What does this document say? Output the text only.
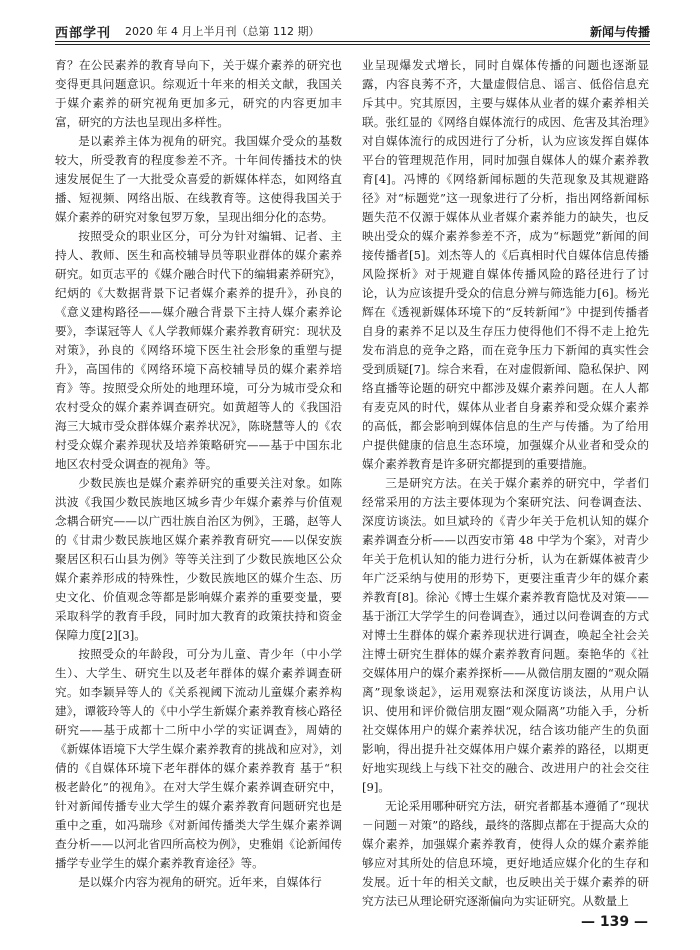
西部学刊 2020 年 4 月上半月刊（总第 112 期）	新闻与传播

育？在公民素养的教育导向下，关于媒介素养的研究也变得更具问题意识。综观近十年来的相关文献，我国关于媒介素养的研究视角更加多元，研究的内容更加丰富，研究的方法也呈现出多样性。

是以素养主体为视角的研究。我国媒介受众的基数较大，所受教育的程度参差不齐。十年间传播技术的快速发展促生了一大批受众喜爱的新媒体样态，如网络直播、短视频、网络出版、在线教育等。这使得我国关于媒介素养的研究对象包罗万象，呈现出细分化的态势。

按照受众的职业区分，可分为针对编辑、记者、主持人、教师、医生和高校辅导员等职业群体的媒介素养研究。如页志平的《媒介融合时代下的编辑素养研究》，纪炳的《大数据背景下记者媒介素养的提升》，孙良的《意义建构路径——媒介融合背景下主持人媒介素养论要》，李谋冠等人《人学教师媒介素养教育研究：现状及对策》，孙良的《网络环境下医生社会形象的重塑与提升》，高国伟的《网络环境下高校辅导员的媒介素养培育》等。按照受众所处的地理环境，可分为城市受众和农村受众的媒介素养调查研究。如黄超等人的《我国沿海三大城市受众群体媒介素养状况》，陈晓慧等人的《农村受众媒介素养现状及培养策略研究——基于中国东北地区农村受众调查的视角》等。

少数民族也是媒介素养研究的重要关注对象。如陈洪波《我国少数民族地区城乡青少年媒介素养与价值观念耦合研究——以广西壮族自治区为例》，王璐，赵等人的《甘肃少数民族地区媒介素养教育研究——以保安族聚居区积石山县为例》等等关注到了少数民族地区公众媒介素养形成的特殊性，少数民族地区的媒介生态、历史文化、价值观念等都是影响媒介素养的重要变量，要采取科学的教育手段，同时加大教育的政策扶持和资金保障力度[2][3]。

按照受众的年龄段，可分为儿童、青少年（中小学生）、大学生、研究生以及老年群体的媒介素养调查研究。如李颖异等人的《关系视阈下流动儿童媒介素养构建》，谭筱玲等人的《中小学生新媒介素养教育核心路径研究——基于成都十二所中小学的实证调查》，周婧的《新媒体语境下大学生媒介素养教育的挑战和应对》，刘倩的《自媒体环境下老年群体的媒介素养教育 基于“积极老龄化”的视角》。在对大学生媒介素养调查研究中，针对新闻传播专业大学生的媒介素养教育问题研究也是重中之重，如冯瑞珍《对新闻传播类大学生媒介素养调查分析——以河北省四所高校为例》，史雅娟《论新闻传播学专业学生的媒介素养教育途径》等。

是以媒介内容为视角的研究。近年来，自媒体行

业呈现爆发式增长，同时自媒体传播的问题也逐渐显露，内容良莠不齐，大量虚假信息、谣言、低俗信息充斥其中。究其原因，主要与媒体从业者的媒介素养相关联。张红显的《网络自媒体流行的成因、危害及其治理》对自媒体流行的成因进行了分析，认为应该发挥自媒体平台的管理规范作用，同时加强自媒体人的媒介素养教育[4]。冯博的《网络新闻标题的失范现象及其规避路径》对“标题党”这一现象进行了分析，指出网络新闻标题失范不仅源于媒体从业者媒介素养能力的缺失，也反映出受众的媒介素养参差不齐，成为“标题党”新闻的间接传播者[5]。刘杰等人的《后真相时代自媒体信息传播风险探析》对于规避自媒体传播风险的路径进行了讨论，认为应该提升受众的信息分辨与筛选能力[6]。杨光辉在《透视新媒体环境下的“反转新闻”》中提到传播者自身的素养不足以及生存压力使得他们不得不走上抢先发布消息的竞争之路，而在竞争压力下新闻的真实性会受到质疑[7]。综合来看，在对虚假新闻、隐私保护、网络直播等论题的研究中都涉及媒介素养问题。在人人都有麦克风的时代，媒体从业者自身素养和受众媒介素养的高低，都会影响到媒体信息的生产与传播。为了给用户提供健康的信息生态环境，加强媒介从业者和受众的媒介素养教育是许多研究都提到的重要措施。

三是研究方法。在关于媒介素养的研究中，学者们经常采用的方法主要体现为个案研究法、问卷调查法、深度访谈法。如旦斌玲的《青少年关于危机认知的媒介素养调查分析——以西安市第 48 中学为个案》，对青少年关于危机认知的能力进行分析，认为在新媒体被青少年广泛采纳与使用的形势下，更要注重青少年的媒介素养教育[8]。徐沁《博士生媒介素养教育隐忧及对策——基于浙江大学学生的问卷调查》，通过以问卷调查的方式对博士生群体的媒介素养现状进行调查，唤起全社会关注博士研究生群体的媒介素养教育问题。秦艳华的《社交媒体用户的媒介素养探析——从微信朋友圈的“观众隔离”现象谈起》，运用观察法和深度访谈法，从用户认识、使用和评价微信朋友圈“观众隔离”功能入手，分析社交媒体用户的媒介素养状况，结合该功能产生的负面影响，得出提升社交媒体用户媒介素养的路径，以期更好地实现线上与线下社交的融合、改进用户的社会交往[9]。

无论采用哪种研究方法，研究者都基本遵循了“现状－问题－对策”的路线，最终的落脚点都在于提高大众的媒介素养，加强媒介素养教育，使得人众的媒介素养能够应对其所处的信息环境，更好地适应媒介化的生存和发展。近十年的相关文献，也反映出关于媒介素养的研究方法已从理论研究逐渐偏向为实证研究。从数量上

— 139 —
